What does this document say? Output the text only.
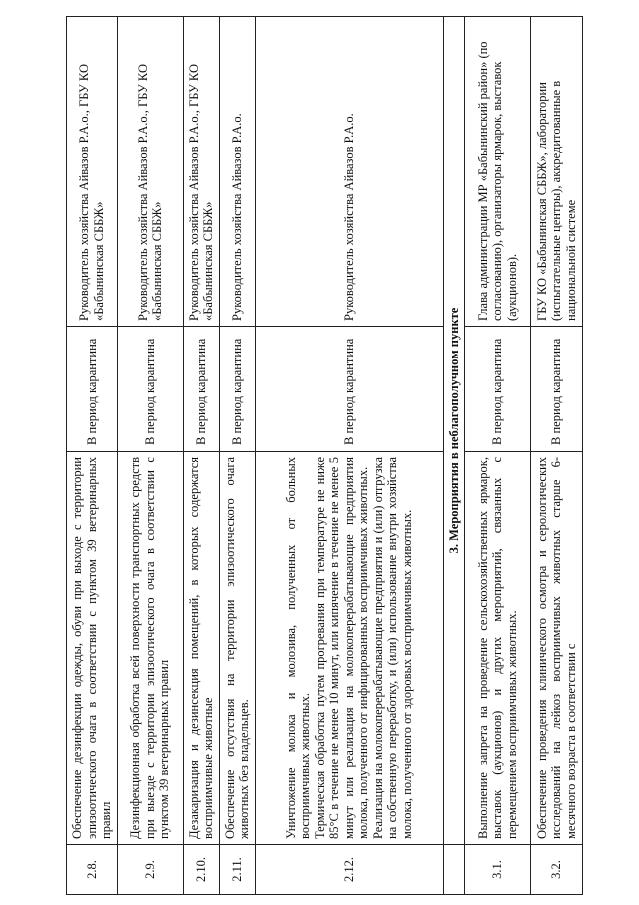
2.8.	Обеспечение дезинфекции одежды, обуви при выходе с территории эпизоотического очага в соответствии с пунктом 39 ветеринарных правил	В период карантина	Руководитель хозяйства Айвазов Р.А.о., ГБУ КО «Бабынинская СББЖ»
2.9.	Дезинфекционная обработка всей поверхности транспортных средств при выезде с территории эпизоотического очага в соответствии с пунктом 39 ветеринарных правил	В период карантина	Руководитель хозяйства Айвазов Р.А.о., ГБУ КО «Бабынинская СББЖ»
2.10.	Дезакаризация и дезинсекция помещений, в которых содержатся восприимчивые животные	В период карантина	Руководитель хозяйства Айвазов Р.А.о., ГБУ КО «Бабынинская СББЖ»
2.11.	Обеспечение отсутствия на территории эпизоотического очага животных без владельцев.	В период карантина	Руководитель хозяйства Айвазов Р.А.о.
2.12.	Уничтожение молока и молозива, полученных от больных восприимчивых животных. Термическая обработка путем прогревания при температуре не ниже 85°С в течение не менее 10 минут, или кипячение в течение не менее 5 минут или реализация на молокоперерабатывающие предприятия молока, полученного от инфицированных восприимчивых животных. Реализация на молокоперерабатывающие предприятия и (или) отгрузка на собственную переработку, и (или) использование внутри хозяйства молока, полученного от здоровых восприимчивых животных.	В период карантина	Руководитель хозяйства Айвазов Р.А.о.
	3. Мероприятия в неблагополучном пункте		
3.1.	Выполнение запрета на проведение сельскохозяйственных ярмарок, выставок (аукционов) и других мероприятий, связанных с перемещением восприимчивых животных.	В период карантина	Глава администрации МР «Бабынинский район» (по согласованию), организаторы ярмарок, выставок (аукционов).
3.2.	Обеспечение проведения клинического осмотра и серологических исследований на лейкоз восприимчивых животных старше 6-месячного возраста в соответствии с	В период карантина	ГБУ КО «Бабынинская СББЖ», лаборатории (испытательные центры), аккредитованные в национальной системе
